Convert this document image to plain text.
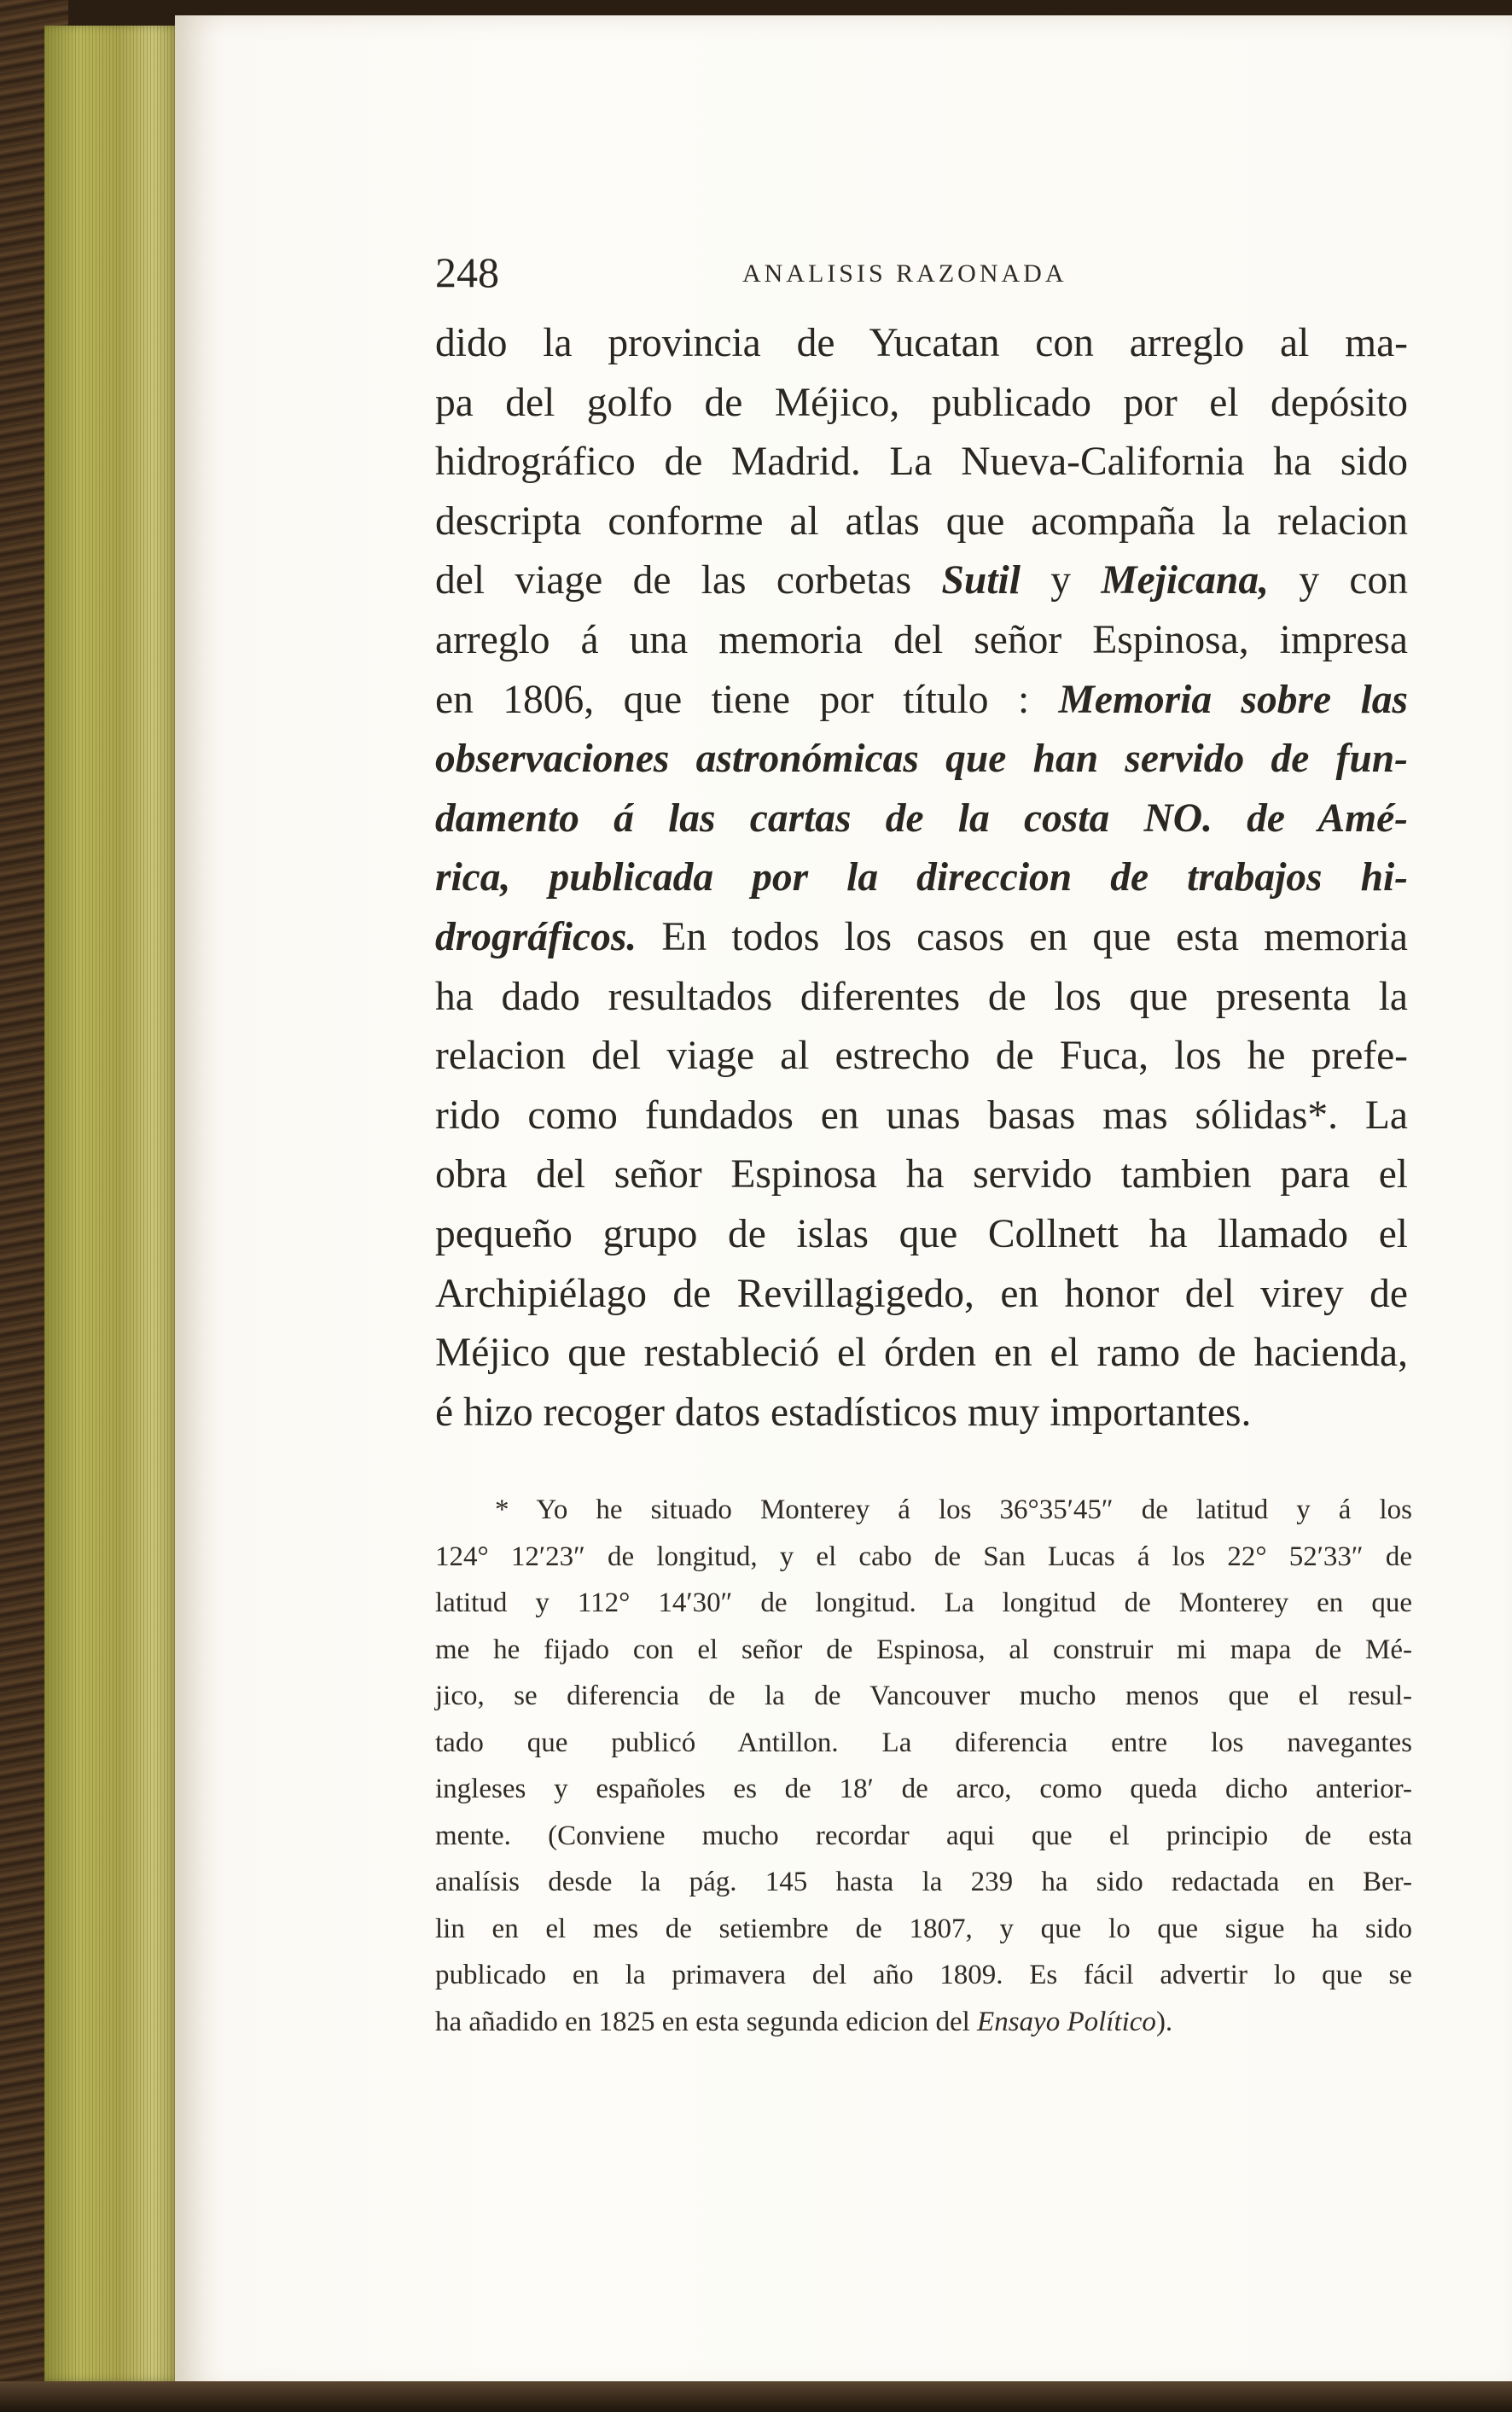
248	ANALISIS RAZONADA
dido la provincia de Yucatan con arreglo al ma-
pa del golfo de Méjico, publicado por el depósito
hidrográfico de Madrid. La Nueva-California ha sido
descripta conforme al atlas que acompaña la relacion
del viage de las corbetas Sutil y Mejicana, y con
arreglo á una memoria del señor Espinosa, impresa
en 1806, que tiene por título : Memoria sobre las
observaciones astronómicas que han servido de fun-
damento á las cartas de la costa NO. de Amé-
rica, publicada por la direccion de trabajos hi-
drográficos. En todos los casos en que esta memoria
ha dado resultados diferentes de los que presenta la
relacion del viage al estrecho de Fuca, los he prefe-
rido como fundados en unas basas mas sólidas*. La
obra del señor Espinosa ha servido tambien para el
pequeño grupo de islas que Collnett ha llamado el
Archipiélago de Revillagigedo, en honor del virey de
Méjico que restableció el órden en el ramo de hacienda,
é hizo recoger datos estadísticos muy importantes.
* Yo he situado Monterey á los 36°35′45″ de latitud y á los
124° 12′23″ de longitud, y el cabo de San Lucas á los 22° 52′33″ de
latitud y 112° 14′30″ de longitud. La longitud de Monterey en que
me he fijado con el señor de Espinosa, al construir mi mapa de Mé-
jico, se diferencia de la de Vancouver mucho menos que el resul-
tado que publicó Antillon. La diferencia entre los navegantes
ingleses y españoles es de 18′ de arco, como queda dicho anterior-
mente. (Conviene mucho recordar aqui que el principio de esta
analísis desde la pág. 145 hasta la 239 ha sido redactada en Ber-
lin en el mes de setiembre de 1807, y que lo que sigue ha sido
publicado en la primavera del año 1809. Es fácil advertir lo que se
ha añadido en 1825 en esta segunda edicion del Ensayo Político).
